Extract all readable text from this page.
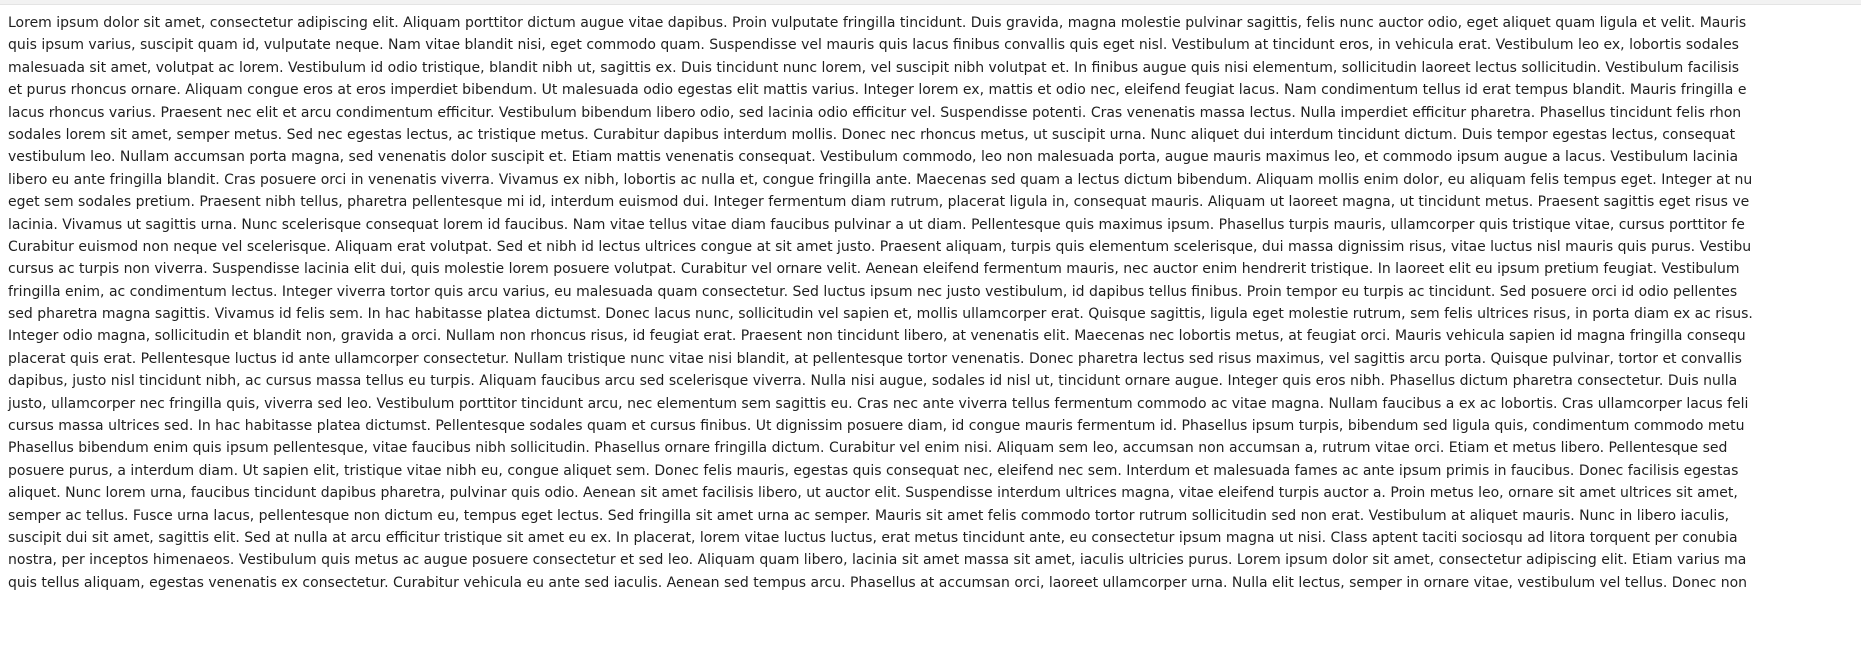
Lorem ipsum dolor sit amet, consectetur adipiscing elit. Aliquam porttitor dictum augue vitae dapibus. Proin vulputate fringilla tincidunt. Duis gravida, magna molestie pulvinar sagittis, felis nunc auctor odio, eget aliquet quam ligula et velit. Mauris
quis ipsum varius, suscipit quam id, vulputate neque. Nam vitae blandit nisi, eget commodo quam. Suspendisse vel mauris quis lacus finibus convallis quis eget nisl. Vestibulum at tincidunt eros, in vehicula erat. Vestibulum leo ex, lobortis sodales
malesuada sit amet, volutpat ac lorem. Vestibulum id odio tristique, blandit nibh ut, sagittis ex. Duis tincidunt nunc lorem, vel suscipit nibh volutpat et. In finibus augue quis nisi elementum, sollicitudin laoreet lectus sollicitudin. Vestibulum facilisis
et purus rhoncus ornare. Aliquam congue eros at eros imperdiet bibendum. Ut malesuada odio egestas elit mattis varius. Integer lorem ex, mattis et odio nec, eleifend feugiat lacus. Nam condimentum tellus id erat tempus blandit. Mauris fringilla e
lacus rhoncus varius. Praesent nec elit et arcu condimentum efficitur. Vestibulum bibendum libero odio, sed lacinia odio efficitur vel. Suspendisse potenti. Cras venenatis massa lectus. Nulla imperdiet efficitur pharetra. Phasellus tincidunt felis rhon
sodales lorem sit amet, semper metus. Sed nec egestas lectus, ac tristique metus. Curabitur dapibus interdum mollis. Donec nec rhoncus metus, ut suscipit urna. Nunc aliquet dui interdum tincidunt dictum. Duis tempor egestas lectus, consequat
vestibulum leo. Nullam accumsan porta magna, sed venenatis dolor suscipit et. Etiam mattis venenatis consequat. Vestibulum commodo, leo non malesuada porta, augue mauris maximus leo, et commodo ipsum augue a lacus. Vestibulum lacinia
libero eu ante fringilla blandit. Cras posuere orci in venenatis viverra. Vivamus ex nibh, lobortis ac nulla et, congue fringilla ante. Maecenas sed quam a lectus dictum bibendum. Aliquam mollis enim dolor, eu aliquam felis tempus eget. Integer at nu
eget sem sodales pretium. Praesent nibh tellus, pharetra pellentesque mi id, interdum euismod dui. Integer fermentum diam rutrum, placerat ligula in, consequat mauris. Aliquam ut laoreet magna, ut tincidunt metus. Praesent sagittis eget risus ve
lacinia. Vivamus ut sagittis urna. Nunc scelerisque consequat lorem id faucibus. Nam vitae tellus vitae diam faucibus pulvinar a ut diam. Pellentesque quis maximus ipsum. Phasellus turpis mauris, ullamcorper quis tristique vitae, cursus porttitor fe
Curabitur euismod non neque vel scelerisque. Aliquam erat volutpat. Sed et nibh id lectus ultrices congue at sit amet justo. Praesent aliquam, turpis quis elementum scelerisque, dui massa dignissim risus, vitae luctus nisl mauris quis purus. Vestibu
cursus ac turpis non viverra. Suspendisse lacinia elit dui, quis molestie lorem posuere volutpat. Curabitur vel ornare velit. Aenean eleifend fermentum mauris, nec auctor enim hendrerit tristique. In laoreet elit eu ipsum pretium feugiat. Vestibulum
fringilla enim, ac condimentum lectus. Integer viverra tortor quis arcu varius, eu malesuada quam consectetur. Sed luctus ipsum nec justo vestibulum, id dapibus tellus finibus. Proin tempor eu turpis ac tincidunt. Sed posuere orci id odio pellentes
sed pharetra magna sagittis. Vivamus id felis sem. In hac habitasse platea dictumst. Donec lacus nunc, sollicitudin vel sapien et, mollis ullamcorper erat. Quisque sagittis, ligula eget molestie rutrum, sem felis ultrices risus, in porta diam ex ac risus.
Integer odio magna, sollicitudin et blandit non, gravida a orci. Nullam non rhoncus risus, id feugiat erat. Praesent non tincidunt libero, at venenatis elit. Maecenas nec lobortis metus, at feugiat orci. Mauris vehicula sapien id magna fringilla consequ
placerat quis erat. Pellentesque luctus id ante ullamcorper consectetur. Nullam tristique nunc vitae nisi blandit, at pellentesque tortor venenatis. Donec pharetra lectus sed risus maximus, vel sagittis arcu porta. Quisque pulvinar, tortor et convallis
dapibus, justo nisl tincidunt nibh, ac cursus massa tellus eu turpis. Aliquam faucibus arcu sed scelerisque viverra. Nulla nisi augue, sodales id nisl ut, tincidunt ornare augue. Integer quis eros nibh. Phasellus dictum pharetra consectetur. Duis nulla
justo, ullamcorper nec fringilla quis, viverra sed leo. Vestibulum porttitor tincidunt arcu, nec elementum sem sagittis eu. Cras nec ante viverra tellus fermentum commodo ac vitae magna. Nullam faucibus a ex ac lobortis. Cras ullamcorper lacus feli
cursus massa ultrices sed. In hac habitasse platea dictumst. Pellentesque sodales quam et cursus finibus. Ut dignissim posuere diam, id congue mauris fermentum id. Phasellus ipsum turpis, bibendum sed ligula quis, condimentum commodo metu
Phasellus bibendum enim quis ipsum pellentesque, vitae faucibus nibh sollicitudin. Phasellus ornare fringilla dictum. Curabitur vel enim nisi. Aliquam sem leo, accumsan non accumsan a, rutrum vitae orci. Etiam et metus libero. Pellentesque sed
posuere purus, a interdum diam. Ut sapien elit, tristique vitae nibh eu, congue aliquet sem. Donec felis mauris, egestas quis consequat nec, eleifend nec sem. Interdum et malesuada fames ac ante ipsum primis in faucibus. Donec facilisis egestas
aliquet. Nunc lorem urna, faucibus tincidunt dapibus pharetra, pulvinar quis odio. Aenean sit amet facilisis libero, ut auctor elit. Suspendisse interdum ultrices magna, vitae eleifend turpis auctor a. Proin metus leo, ornare sit amet ultrices sit amet,
semper ac tellus. Fusce urna lacus, pellentesque non dictum eu, tempus eget lectus. Sed fringilla sit amet urna ac semper. Mauris sit amet felis commodo tortor rutrum sollicitudin sed non erat. Vestibulum at aliquet mauris. Nunc in libero iaculis,
suscipit dui sit amet, sagittis elit. Sed at nulla at arcu efficitur tristique sit amet eu ex. In placerat, lorem vitae luctus luctus, erat metus tincidunt ante, eu consectetur ipsum magna ut nisi. Class aptent taciti sociosqu ad litora torquent per conubia
nostra, per inceptos himenaeos. Vestibulum quis metus ac augue posuere consectetur et sed leo. Aliquam quam libero, lacinia sit amet massa sit amet, iaculis ultricies purus. Lorem ipsum dolor sit amet, consectetur adipiscing elit. Etiam varius ma
quis tellus aliquam, egestas venenatis ex consectetur. Curabitur vehicula eu ante sed iaculis. Aenean sed tempus arcu. Phasellus at accumsan orci, laoreet ullamcorper urna. Nulla elit lectus, semper in ornare vitae, vestibulum vel tellus. Donec non
